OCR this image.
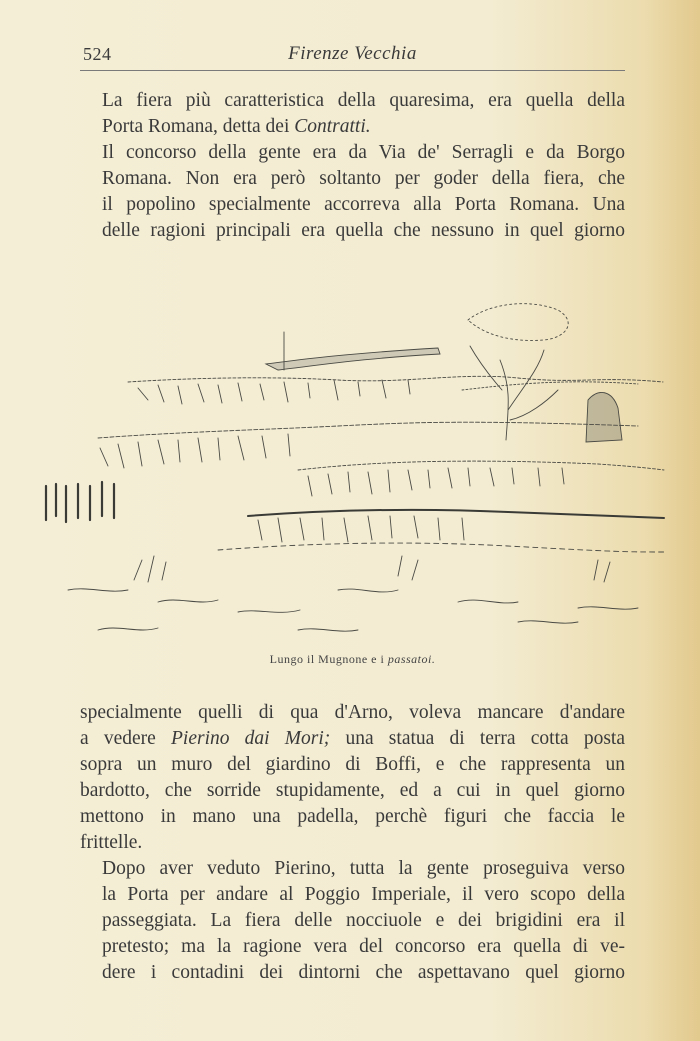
524	Firenze Vecchia

La fiera più caratteristica della quaresima, era quella della
Porta Romana, detta dei Contratti.

Il concorso della gente era da Via de' Serragli e da Borgo
Romana. Non era però soltanto per goder della fiera, che
il popolino specialmente accorreva alla Porta Romana. Una
delle ragioni principali era quella che nessuno in quel giorno

Lungo il Mugnone e i passatoi.

specialmente quelli di qua d'Arno, voleva mancare d'andare
a vedere Pierino dai Mori; una statua di terra cotta posta
sopra un muro del giardino di Boffi, e che rappresenta un
bardotto, che sorride stupidamente, ed a cui in quel giorno
mettono in mano una padella, perchè figuri che faccia le
frittelle.

Dopo aver veduto Pierino, tutta la gente proseguiva verso
la Porta per andare al Poggio Imperiale, il vero scopo della
passeggiata. La fiera delle nocciuole e dei brigidini era il
pretesto; ma la ragione vera del concorso era quella di ve-
dere i contadini dei dintorni che aspettavano quel giorno
